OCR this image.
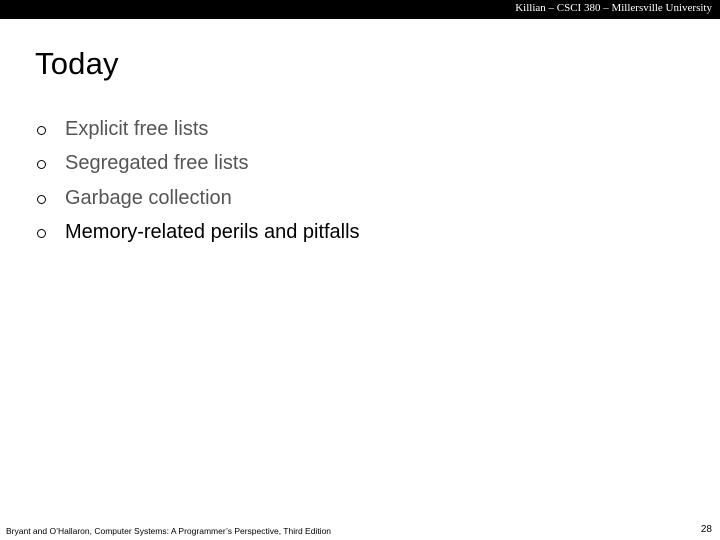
Killian – CSCI 380 – Millersville University
Today
Explicit free lists
Segregated free lists
Garbage collection
Memory-related perils and pitfalls
Bryant and O’Hallaron, Computer Systems: A Programmer’s Perspective, Third Edition	28
